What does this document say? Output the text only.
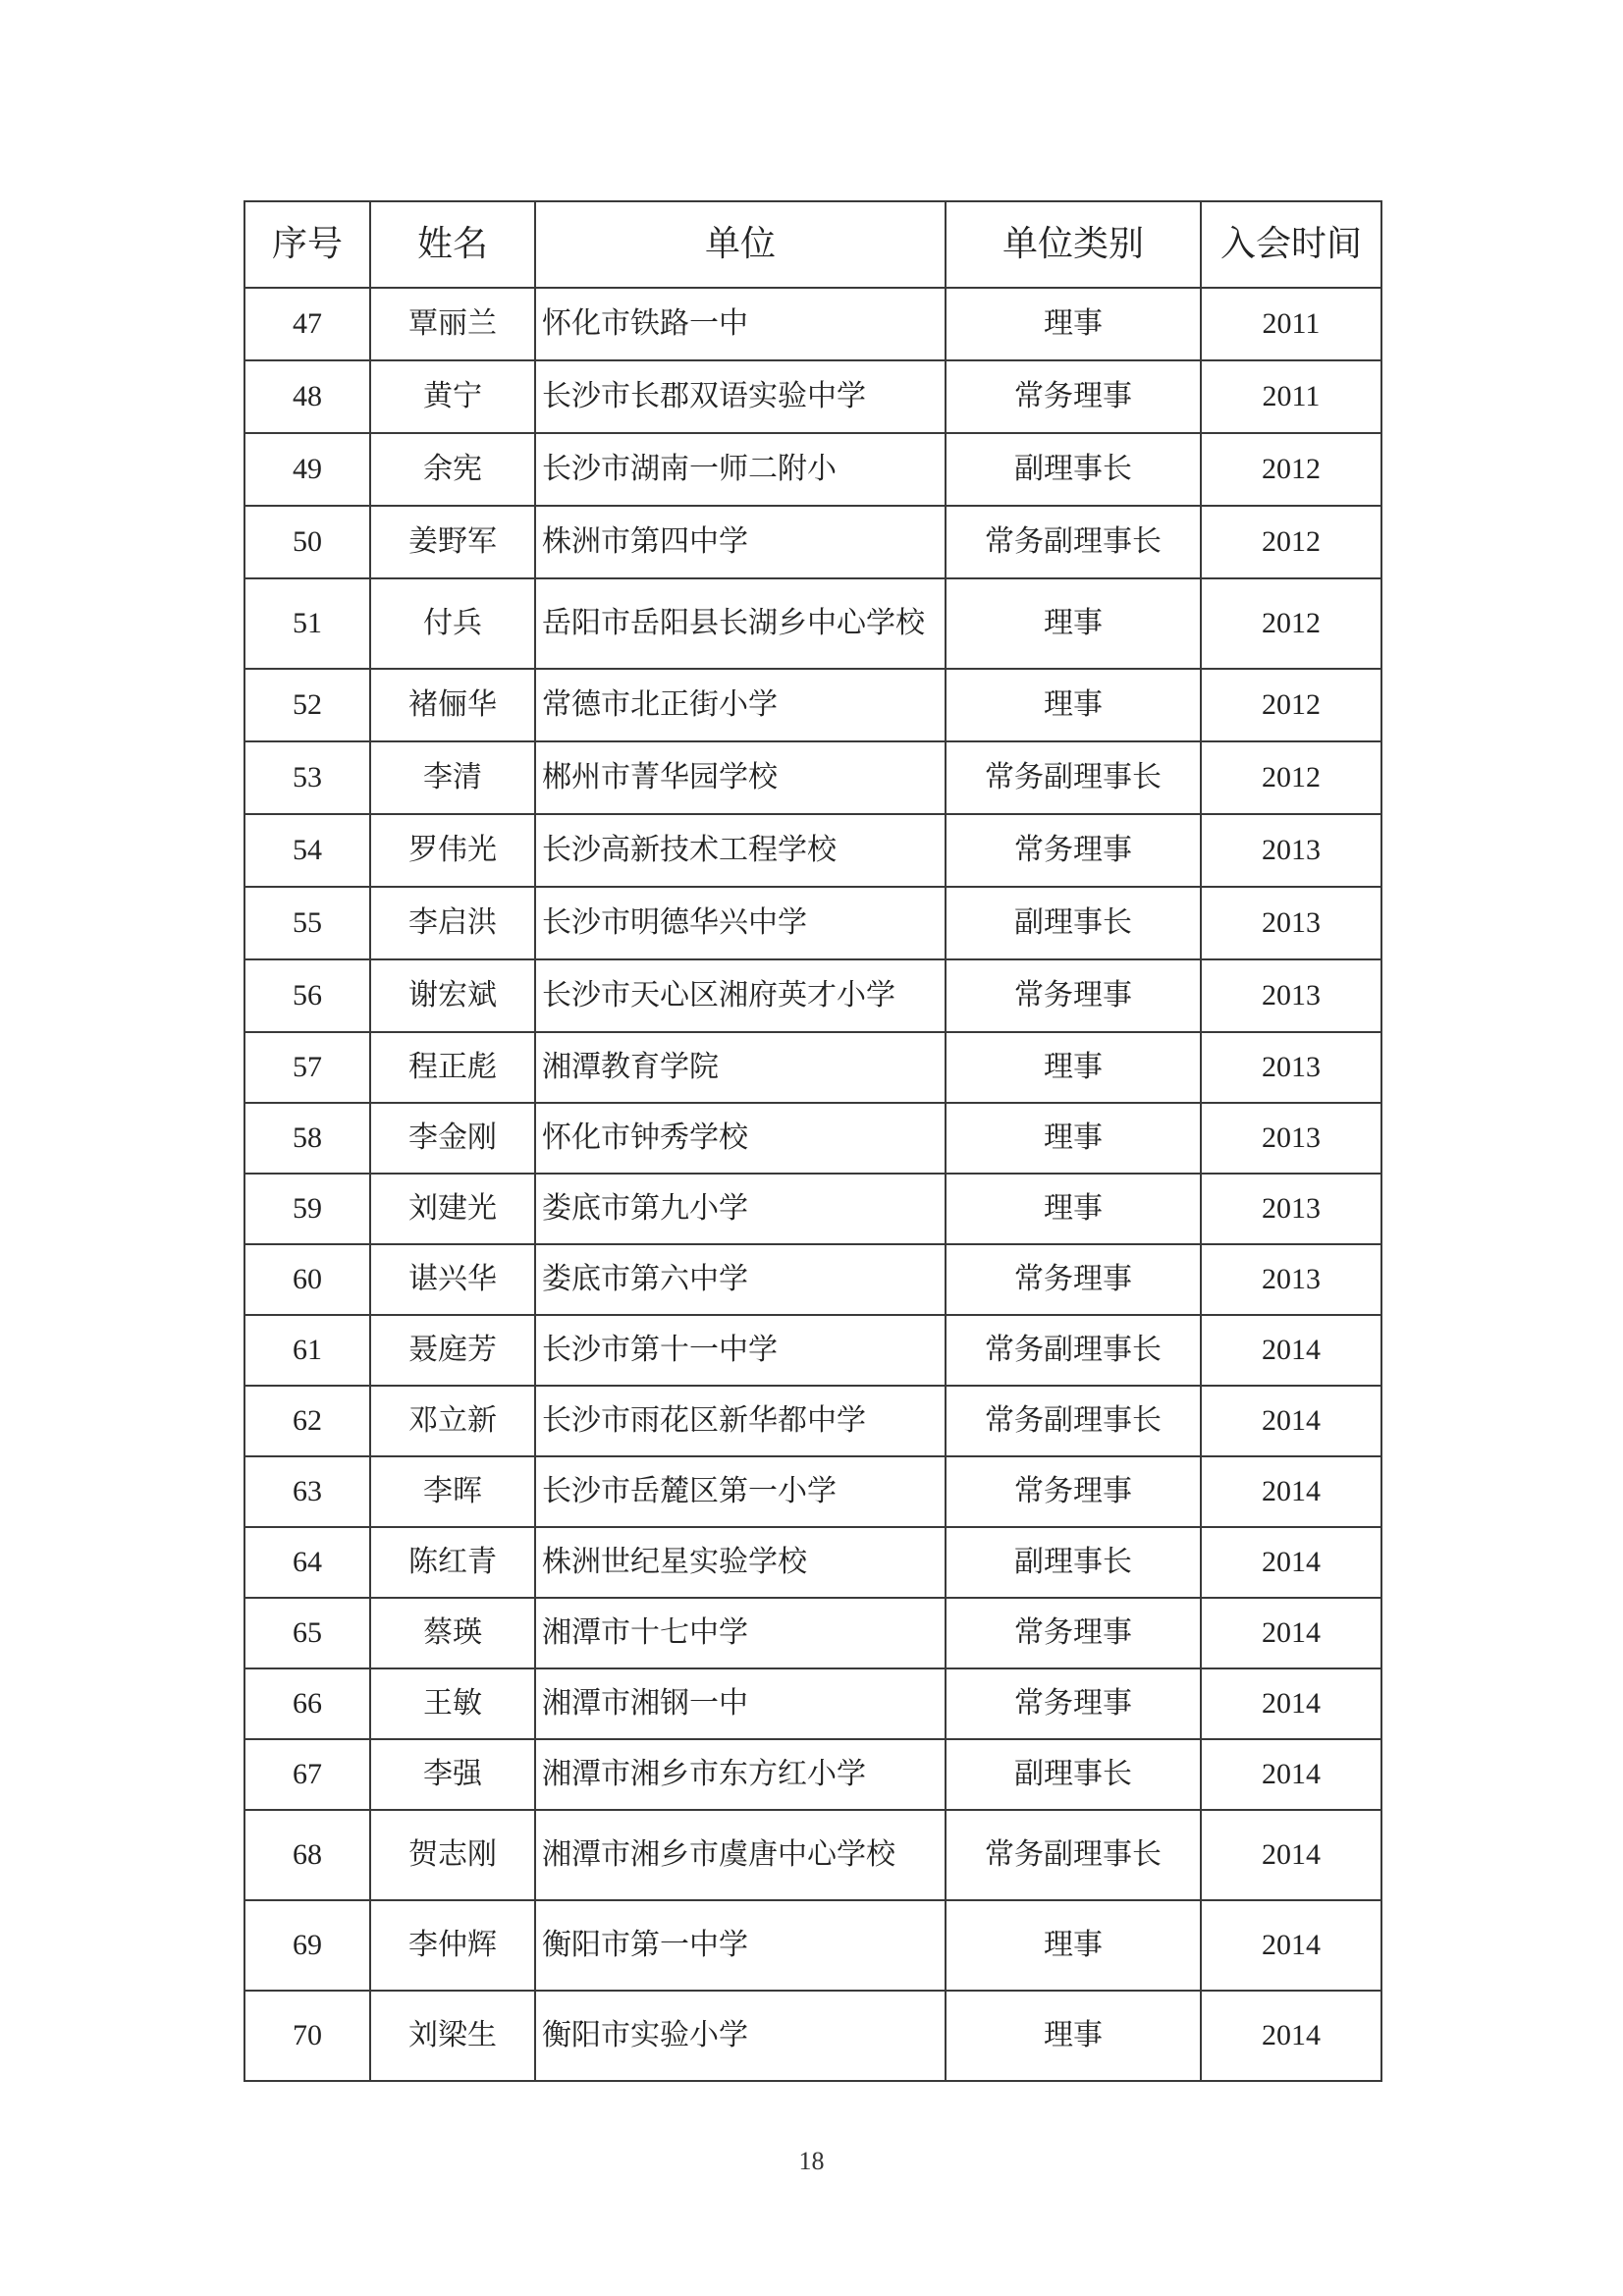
序号	姓名	单位	单位类别	入会时间
47	覃丽兰	怀化市铁路一中	理事	2011
48	黄宁	长沙市长郡双语实验中学	常务理事	2011
49	余宪	长沙市湖南一师二附小	副理事长	2012
50	姜野军	株洲市第四中学	常务副理事长	2012
51	付兵	岳阳市岳阳县长湖乡中心学校	理事	2012
52	褚俪华	常德市北正街小学	理事	2012
53	李清	郴州市菁华园学校	常务副理事长	2012
54	罗伟光	长沙高新技术工程学校	常务理事	2013
55	李启洪	长沙市明德华兴中学	副理事长	2013
56	谢宏斌	长沙市天心区湘府英才小学	常务理事	2013
57	程正彪	湘潭教育学院	理事	2013
58	李金刚	怀化市钟秀学校	理事	2013
59	刘建光	娄底市第九小学	理事	2013
60	谌兴华	娄底市第六中学	常务理事	2013
61	聂庭芳	长沙市第十一中学	常务副理事长	2014
62	邓立新	长沙市雨花区新华都中学	常务副理事长	2014
63	李晖	长沙市岳麓区第一小学	常务理事	2014
64	陈红青	株洲世纪星实验学校	副理事长	2014
65	蔡瑛	湘潭市十七中学	常务理事	2014
66	王敏	湘潭市湘钢一中	常务理事	2014
67	李强	湘潭市湘乡市东方红小学	副理事长	2014
68	贺志刚	湘潭市湘乡市虞唐中心学校	常务副理事长	2014
69	李仲辉	衡阳市第一中学	理事	2014
70	刘梁生	衡阳市实验小学	理事	2014
18
